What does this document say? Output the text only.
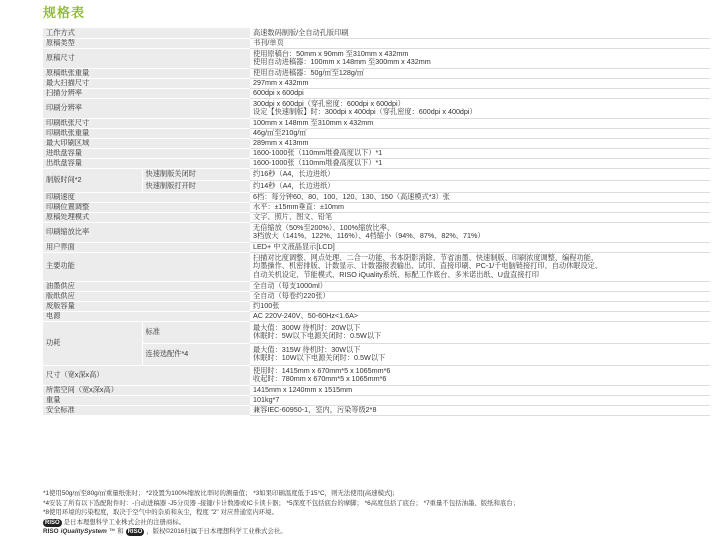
规格表
工作方式		高速数码制版/全自动孔版印刷

原稿类型		书刊/单页

原稿尺寸		使用原稿台：50mm x 90mm 至310mm x 432mm
使用自动进稿器：100mm x 148mm 至300mm x 432mm

原稿纸张重量		使用自动进稿器：50g/㎡至128g/㎡

最大扫描尺寸		297mm x 432mm

扫描分辨率		600dpi x 600dpi

印刷分辨率		300dpi x 600dpi（穿孔密度：600dpi x 600dpi）
设定【快速制版】时：300dpi x 400dpi（穿孔密度：600dpi x 400dpi）

印刷纸张尺寸		100mm x 148mm 至310mm x 432mm

印刷纸张重量		46g/㎡至210g/㎡

最大印刷区域		289mm x 413mm

进纸盘容量		1600-1000张（110mm堆叠高度以下）*1

出纸盘容量		1600-1000张（110mm堆叠高度以下）*1

制版时间*2	快速制版关闭时	约16秒（A4，长边进纸）

	快速制版打开时	约14秒（A4，长边进纸）

印刷速度		6档：每分钟60、80、100、120、130、150（高速模式*3）张

印刷位置调整		水平：±15mm垂直：±10mm

原稿处理模式		文字、照片、图文、铅笔

印刷缩放比率		无倍缩放（50%至200%）、100%缩放比率、
3档放大（141%、122%、116%）、4档缩小（94%、87%、82%、71%）

用户界面		LED+ 中文液晶显示[LCD]

主要功能		扫描对比度调整、网点处理、二合一功能、书本阴影消除、节省油墨、快速制版、印刷浓度调整、编程功能、
均墨操作、机密排版、计数显示、计数器报表输出、试印、直接印刷、PC-1/千电脑链接打印、自动休眠设定、
自动关机设定、节能模式、RISO iQuality系统、标配工作底台、多米诺出纸、U盘直接打印

油墨供应		全自动（每支1000ml）

版纸供应		全自动（每卷约220张）

废版容量		约100张

电源		AC 220V-240V、50-60Hz<1.6A>

功耗	标准	最大值：300W 待机时：20W以下
休眠时：5W以下电源关闭时：0.5W以下

	连接选配件*4	最大值：315W 待机时：30W以下
休眠时：10W以下电源关闭时：0.5W以下

尺寸（宽x深x高）		使用时：1415mm x 670mm*5 x 1065mm*6
收起时：780mm x 670mm*5 x 1065mm*6

所需空间（宽x深x高）		1415mm x 1240mm x 1515mm

重量		101kg*7

安全标准		兼容IEC-60950-1，室内，污染等级2*8
*1使用50g/㎡至80g/㎡重量纸张时； *2设置为100%缩放比率时的测量值； *3如果印刷温度低于15°C，则无法使用[高速模式]；
*4安装了所有以下选配附件时：-自动进稿器 -J5分页器 -接键/卡计数器或IC卡读卡器； *5深度不包括底台的摩脚； *6高度包括了底台； *7重量不包括油墨、版纸和底台；
*8使用环境的污染程度，取决于空气中的杂质和灰尘，程度 "2" 对应普通室内环境。
RISO 是日本理想科学工业株式会社的注册商标。
RISO iQualitySystem ™ 和 RISO ，版权©2016归属于日本理想科学工业株式会社。
